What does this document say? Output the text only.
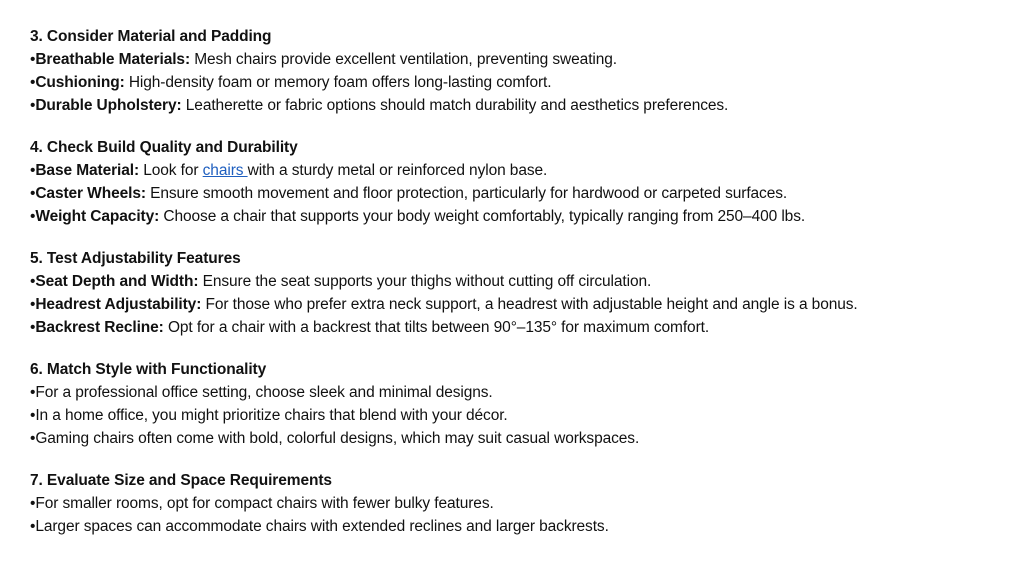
3. Consider Material and Padding
•Breathable Materials: Mesh chairs provide excellent ventilation, preventing sweating.
•Cushioning: High-density foam or memory foam offers long-lasting comfort.
•Durable Upholstery: Leatherette or fabric options should match durability and aesthetics preferences.
4. Check Build Quality and Durability
•Base Material: Look for chairs with a sturdy metal or reinforced nylon base.
•Caster Wheels: Ensure smooth movement and floor protection, particularly for hardwood or carpeted surfaces.
•Weight Capacity: Choose a chair that supports your body weight comfortably, typically ranging from 250–400 lbs.
5. Test Adjustability Features
•Seat Depth and Width: Ensure the seat supports your thighs without cutting off circulation.
•Headrest Adjustability: For those who prefer extra neck support, a headrest with adjustable height and angle is a bonus.
•Backrest Recline: Opt for a chair with a backrest that tilts between 90°–135° for maximum comfort.
6. Match Style with Functionality
•For a professional office setting, choose sleek and minimal designs.
•In a home office, you might prioritize chairs that blend with your décor.
•Gaming chairs often come with bold, colorful designs, which may suit casual workspaces.
7. Evaluate Size and Space Requirements
•For smaller rooms, opt for compact chairs with fewer bulky features.
•Larger spaces can accommodate chairs with extended reclines and larger backrests.
